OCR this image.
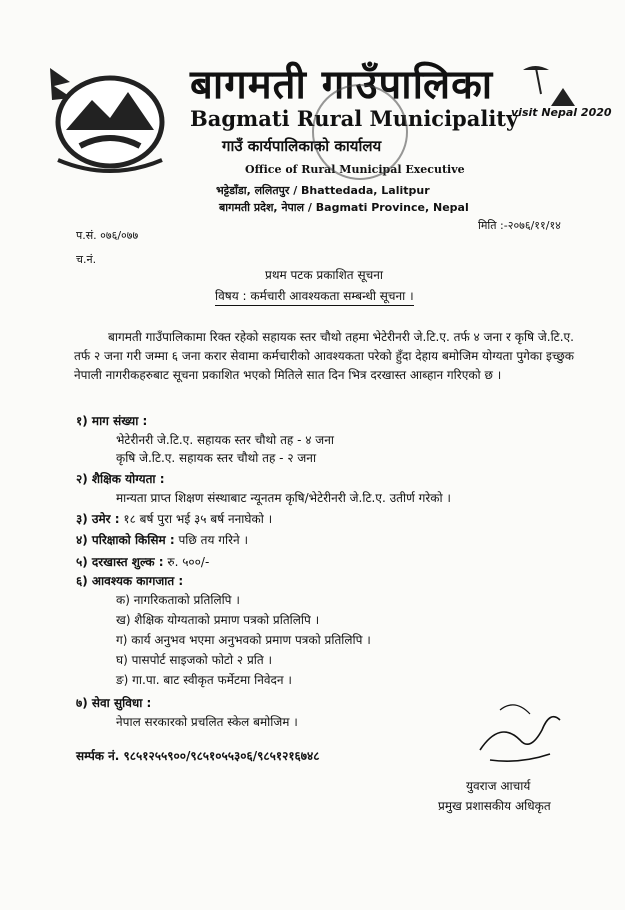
बागमती गाउँपालिका
Bagmati Rural Municipality
गाउँ कार्यपालिकाको कार्यालय
Office of Rural Municipal Executive
भट्टेडाँडा, ललितपुर / Bhattedada, Lalitpur
बागमती प्रदेश, नेपाल / Bagmati Province, Nepal
visit Nepal 2020
प.सं. ०७६/०७७
च.नं.
मिति :-२०७६/११/१४
प्रथम पटक प्रकाशित सूचना
विषय : कर्मचारी आवश्यकता सम्बन्धी सूचना ।
बागमती गाउँपालिकामा रिक्त रहेको सहायक स्तर चौथो तहमा भेटेरीनरी जे.टि.ए. तर्फ ४ जना र कृषि जे.टि.ए. तर्फ २ जना गरी जम्मा ६ जना करार सेवामा कर्मचारीको आवश्यकता परेको हुँदा देहाय बमोजिम योग्यता पुगेका इच्छुक नेपाली नागरीकहरुबाट सूचना प्रकाशित भएको मितिले सात दिन भित्र दरखास्त आब्हान गरिएको छ ।
१) माग संख्या :
भेटेरीनरी जे.टि.ए. सहायक स्तर चौथो तह - ४ जना
कृषि जे.टि.ए. सहायक स्तर चौथो तह - २ जना
२) शैक्षिक योग्यता :
मान्यता प्राप्त शिक्षण संस्थाबाट न्यूनतम कृषि/भेटेरीनरी जे.टि.ए. उतीर्ण गरेको ।
३) उमेर : १८ बर्ष पुरा भई ३५ बर्ष ननाघेको ।
४) परिक्षाको किसिम : पछि तय गरिने ।
५) दरखास्त शुल्क : रु. ५००/-
६) आवश्यक कागजात :
क) नागरिकताको प्रतिलिपि ।
ख) शैक्षिक योग्यताको प्रमाण पत्रको प्रतिलिपि ।
ग) कार्य अनुभव भएमा अनुभवको प्रमाण पत्रको प्रतिलिपि ।
घ) पासपोर्ट साइजको फोटो २ प्रति ।
ङ) गा.पा. बाट स्वीकृत फर्मेटमा निवेदन ।
७) सेवा सुविधा :
नेपाल सरकारको प्रचलित स्केल बमोजिम ।
सर्म्पक नं. ९८५१२५५९००/९८५१०५५३०६/९८५१२१६७४८
युवराज आचार्य
प्रमुख प्रशासकीय अधिकृत
